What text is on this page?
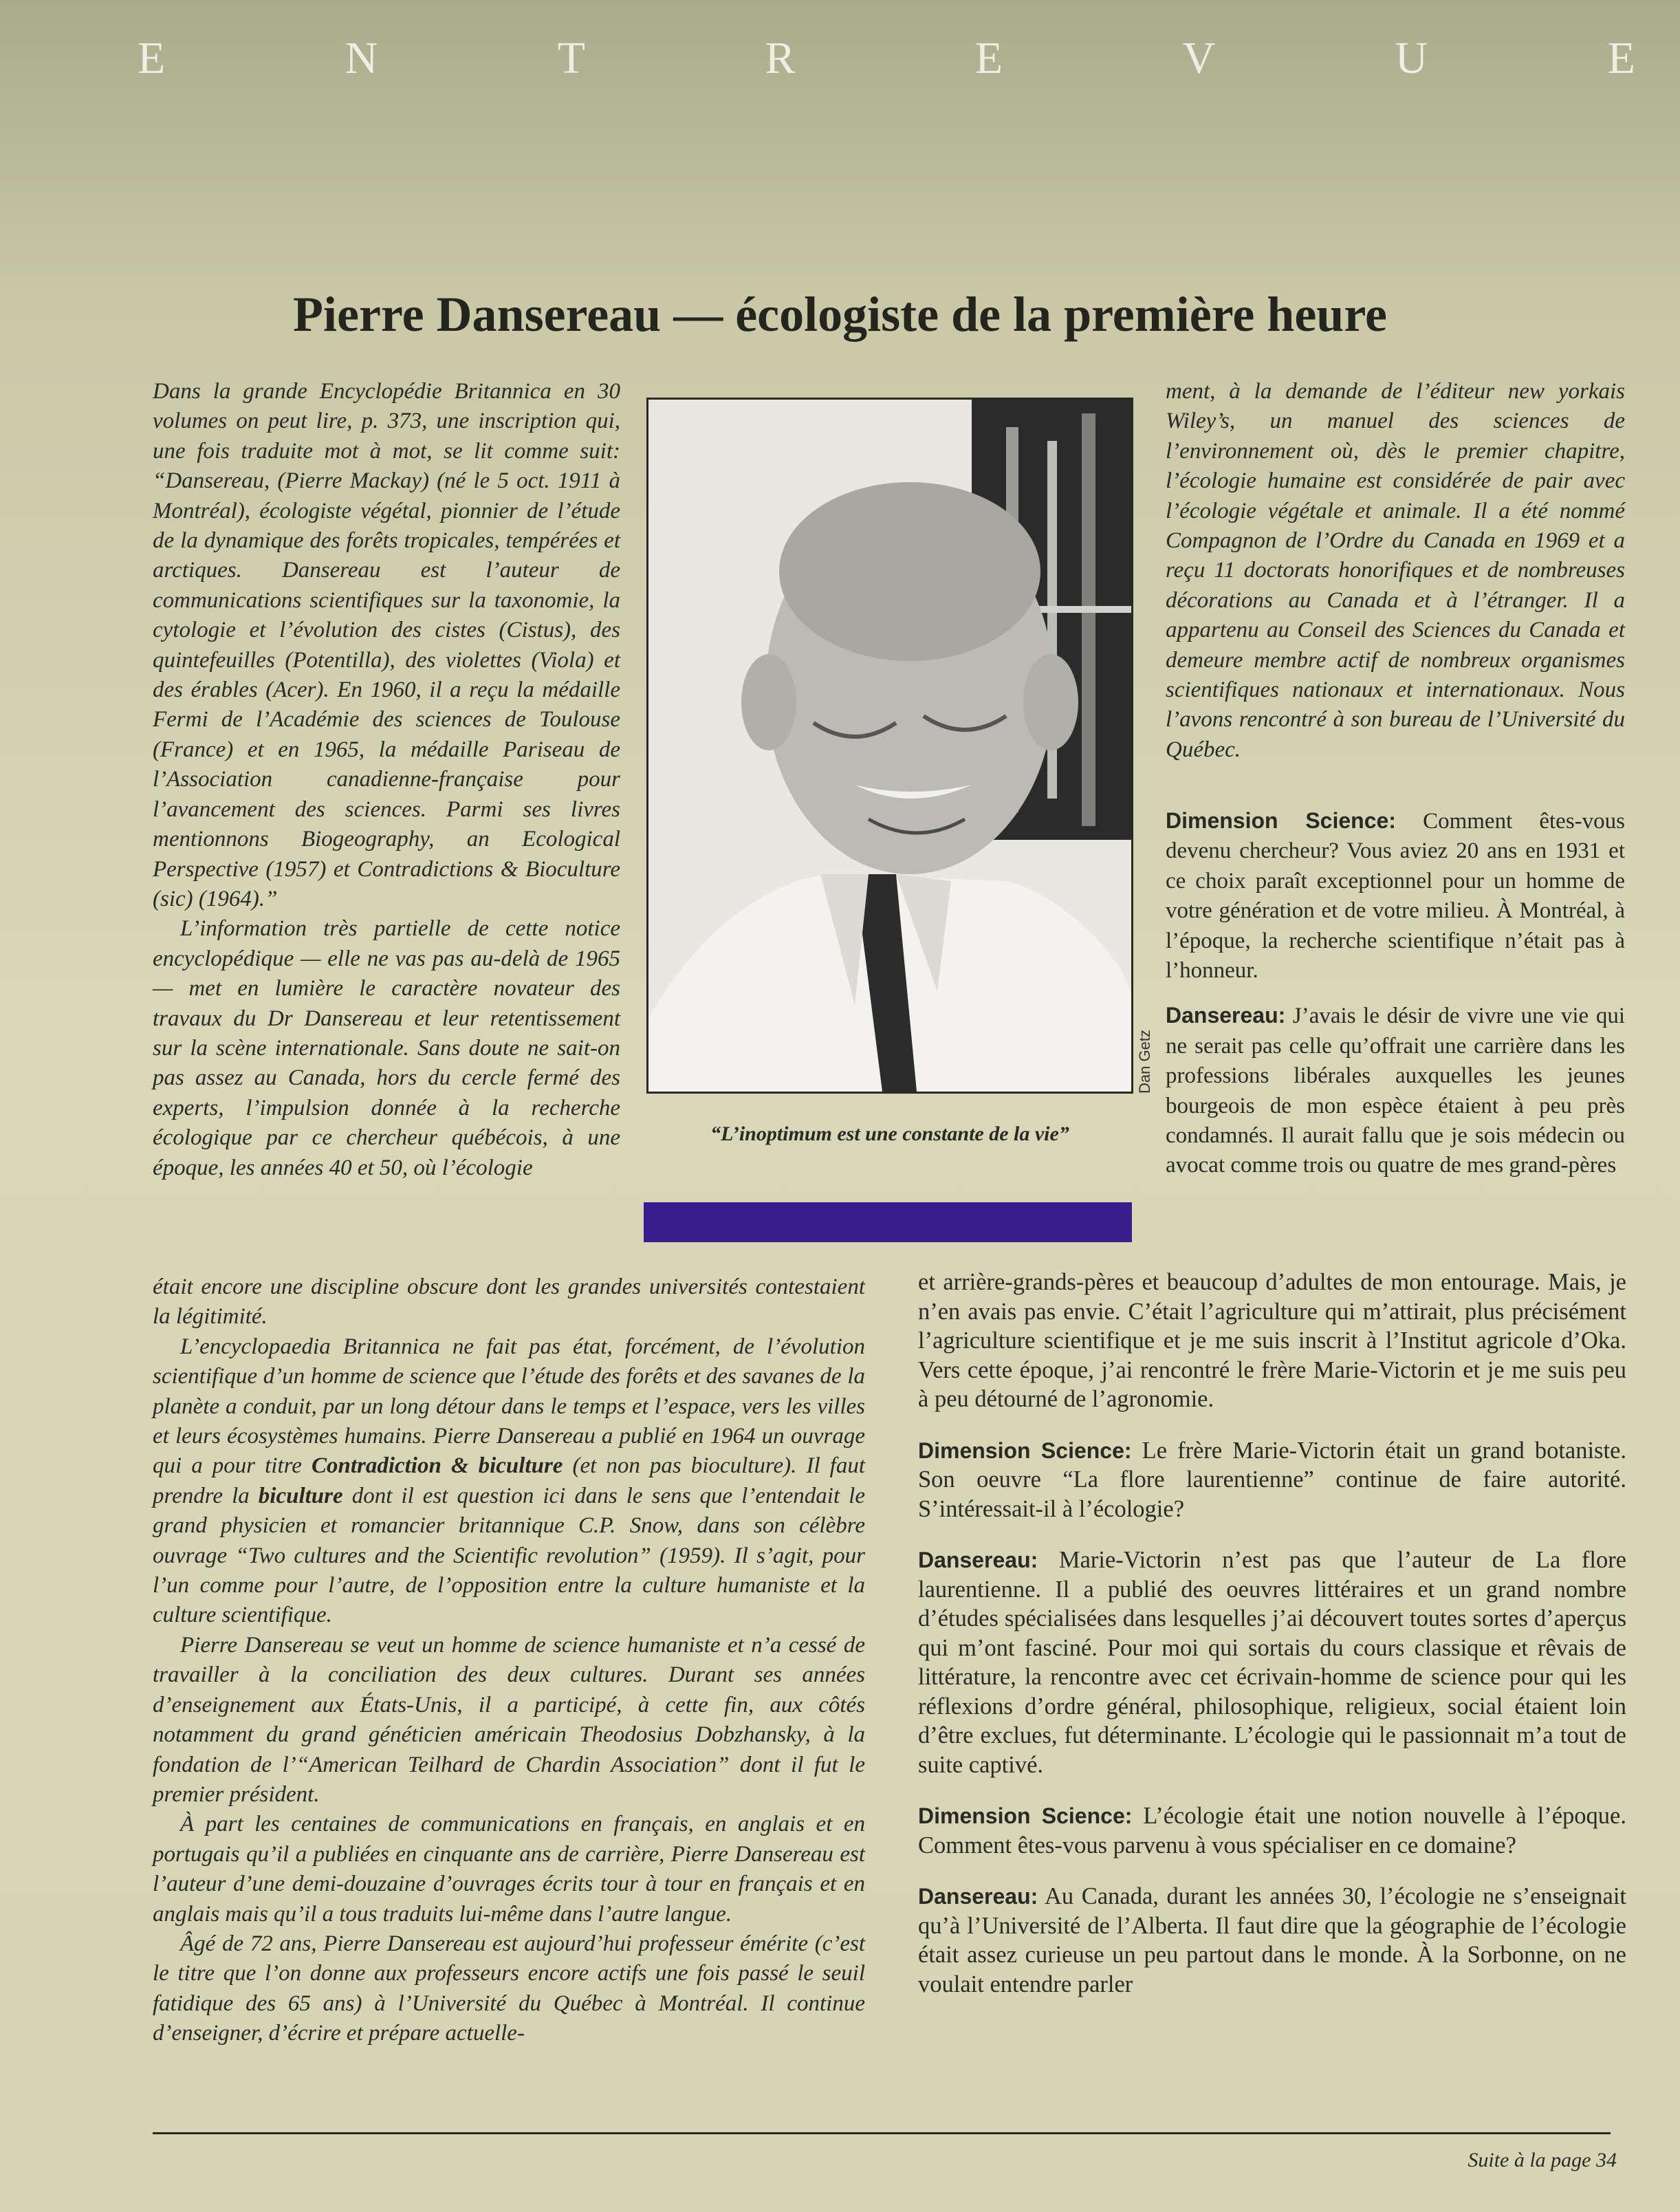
E	N	T	R	E	V	U	E
Pierre Dansereau — écologiste de la première heure

Dans la grande Encyclopédie Britannica en 30 volumes on peut lire, p. 373, une inscription qui, une fois traduite mot à mot, se lit comme suit: “Dansereau, (Pierre Mackay) (né le 5 oct. 1911 à Montréal), écologiste végétal, pionnier de l’étude de la dynamique des forêts tropicales, tempérées et arctiques. Dansereau est l’auteur de communications scientifiques sur la taxonomie, la cytologie et l’évolution des cistes (Cistus), des quintefeuilles (Potentilla), des violettes (Viola) et des érables (Acer). En 1960, il a reçu la médaille Fermi de l’Académie des sciences de Toulouse (France) et en 1965, la médaille Pariseau de l’Association canadienne-française pour l’avancement des sciences. Parmi ses livres mentionnons Biogeography, an Ecological Perspective (1957) et Contradictions & Bioculture (sic) (1964).”

L’information très partielle de cette notice encyclopédique — elle ne vas pas au-delà de 1965 — met en lumière le caractère novateur des travaux du Dr Dansereau et leur retentissement sur la scène internationale. Sans doute ne sait-on pas assez au Canada, hors du cercle fermé des experts, l’impulsion donnée à la recherche écologique par ce chercheur québécois, à une époque, les années 40 et 50, où l’écologie

était encore une discipline obscure dont les grandes universités contestaient la légitimité.

L’encyclopaedia Britannica ne fait pas état, forcément, de l’évolution scientifique d’un homme de science que l’étude des forêts et des savanes de la planète a conduit, par un long détour dans le temps et l’espace, vers les villes et leurs écosystèmes humains. Pierre Dansereau a publié en 1964 un ouvrage qui a pour titre Contradiction & biculture (et non pas bioculture). Il faut prendre la biculture dont il est question ici dans le sens que l’entendait le grand physicien et romancier britannique C.P. Snow, dans son célèbre ouvrage “Two cultures and the Scientific revolution” (1959). Il s’agit, pour l’un comme pour l’autre, de l’opposition entre la culture humaniste et la culture scientifique.

Pierre Dansereau se veut un homme de science humaniste et n’a cessé de travailler à la conciliation des deux cultures. Durant ses années d’enseignement aux États-Unis, il a participé, à cette fin, aux côtés notamment du grand généticien américain Theodosius Dobzhansky, à la fondation de l’“American Teilhard de Chardin Association” dont il fut le premier président.

À part les centaines de communications en français, en anglais et en portugais qu’il a publiées en cinquante ans de carrière, Pierre Dansereau est l’auteur d’une demi-douzaine d’ouvrages écrits tour à tour en français et en anglais mais qu’il a tous traduits lui-même dans l’autre langue.

Âgé de 72 ans, Pierre Dansereau est aujourd’hui professeur émérite (c’est le titre que l’on donne aux professeurs encore actifs une fois passé le seuil fatidique des 65 ans) à l’Université du Québec à Montréal. Il continue d’enseigner, d’écrire et prépare actuelle-

Dan Getz
“L’inoptimum est une constante de la vie”

ment, à la demande de l’éditeur new yorkais Wiley’s, un manuel des sciences de l’environnement où, dès le premier chapitre, l’écologie humaine est considérée de pair avec l’écologie végétale et animale. Il a été nommé Compagnon de l’Ordre du Canada en 1969 et a reçu 11 doctorats honorifiques et de nombreuses décorations au Canada et à l’étranger. Il a appartenu au Conseil des Sciences du Canada et demeure membre actif de nombreux organismes scientifiques nationaux et internationaux. Nous l’avons rencontré à son bureau de l’Université du Québec.

Dimension Science: Comment êtes-vous devenu chercheur? Vous aviez 20 ans en 1931 et ce choix paraît exceptionnel pour un homme de votre génération et de votre milieu. À Montréal, à l’époque, la recherche scientifique n’était pas à l’honneur.

Dansereau: J’avais le désir de vivre une vie qui ne serait pas celle qu’offrait une carrière dans les professions libérales auxquelles les jeunes bourgeois de mon espèce étaient à peu près condamnés. Il aurait fallu que je sois médecin ou avocat comme trois ou quatre de mes grand-pères

et arrière-grands-pères et beaucoup d’adultes de mon entourage. Mais, je n’en avais pas envie. C’était l’agriculture qui m’attirait, plus précisément l’agriculture scientifique et je me suis inscrit à l’Institut agricole d’Oka. Vers cette époque, j’ai rencontré le frère Marie-Victorin et je me suis peu à peu détourné de l’agronomie.

Dimension Science: Le frère Marie-Victorin était un grand botaniste. Son oeuvre “La flore laurentienne” continue de faire autorité. S’intéressait-il à l’écologie?

Dansereau: Marie-Victorin n’est pas que l’auteur de La flore laurentienne. Il a publié des oeuvres littéraires et un grand nombre d’études spécialisées dans lesquelles j’ai découvert toutes sortes d’aperçus qui m’ont fasciné. Pour moi qui sortais du cours classique et rêvais de littérature, la rencontre avec cet écrivain-homme de science pour qui les réflexions d’ordre général, philosophique, religieux, social étaient loin d’être exclues, fut déterminante. L’écologie qui le passionnait m’a tout de suite captivé.

Dimension Science: L’écologie était une notion nouvelle à l’époque. Comment êtes-vous parvenu à vous spécialiser en ce domaine?

Dansereau: Au Canada, durant les années 30, l’écologie ne s’enseignait qu’à l’Université de l’Alberta. Il faut dire que la géographie de l’écologie était assez curieuse un peu partout dans le monde. À la Sorbonne, on ne voulait entendre parler

Suite à la page 34
